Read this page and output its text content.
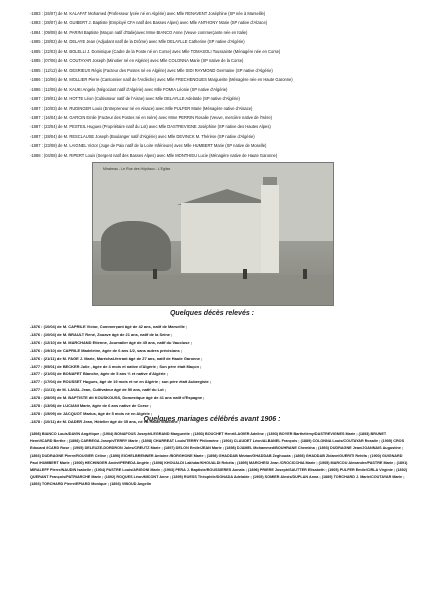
-1883 : (26/07) de M. KALAFAT Mohamed (Professeur lycée né en Algérie) avec Mlle RENAVENT Joséphine (SP née à Marseille)
-1883 : (28/07) de M. GUIBERT J. Baptiste (Employé CFA natif des Basses Alpes) avec Mlle ANTHONY Marie (SP native d'Alzace)
-1884 : (09/08) de M. PARINI Baptiste (Maçon natif d'Italie)avec Mme BIANCO Anne (Veuve commerçante née en Italie)
-1885 : (28/02) de M. DELAYE Jean (Adjudant natif de la Drôme) avec Mlle DELAYLLE Catherine (SP native d'Algérie)
-1885 : (22/03) de M. BOLELLI J. Dominique (Cadre de la Poste né en Corse) avec Mlle TOMASOLI Toussainte (Ménagère née en Corse)
-1885 : (07/06) de M. COUTAYAR Joseph (Minotier né en Algérie) avec Mlle COLONNA Marie (SP native de la Corse)
-1885 : (12/12) de M. DESRIEUX Régis (Facteur des Postes né en Algérie) avec Mlle SIDI RAYMOND Germaine (SP native d'Algérie)
-1886 : (10/06) de M. MOLLIER Pierre (Cantonnier natif de l'Ardèche) avec Mlle FRECHENGUES Marguerite (Ménagère née en Haute Garonne)
-1886 : (12/06) de M. KAUKI Angelo (Négociant natif d'Algérie) avec Mlle FOMIA Léonie (SP native d'Algérie)
-1887 : (29/01) de M. HOTTE Léon (Cultivateur natif de l'Aisne) avec Mlle DELAYLLE Adelaïde (SP native d'Algérie)
-1887 : (10/03) de M. RUDINGER Louis (Entrepreneur né en Alsace) avec Mlle PULFER Marie (Ménagère native d'Alsace)
-1887 : (16/04) de M. GARCIN Emile (Facteur des Postes né en Isère) avec Mme PERRIN Rosalie (Veuve, mercière native de l'Isère)
-1887 : (23/04) de M. PESTEIL Hugues (Propriétaire natif du Lot) avec Mlle DASTREVIGNE Joséphine (SP native des Hautes Alpes)
-1887 : (28/04) de M. RESCLAUSE Joseph (Boulanger natif d'Algérie) avec Mlle DEVINCK M. Thérèse (SP native d'Algérie)
-1887 : (23/08) de M. LAIGNEL Victor (Juge de Paix natif de la Loire Inférieure) avec Mlle HUMBERT Marie (SP native de Moselle)
-1888 : (04/08) de M. RIPERT Louis (Sergent natif des Basses Alpes) avec Mlle MONTHIEU Lucie (Ménagère native de Haute Garonne)
Mirabeau - Le Rue des Hôpitaux - L'Eglise
Quelques décès relevés :
-1876 : (10/04) de M. CAPRILE Victor, Commerçant âgé de 42 ans, natif de Marseille ;
-1876 : (10/04) de M. BRAULT René, Zouave âgé de 21 ans, natif de la Seine ;
-1876 : (12/10) de M. MARCHAND Etienne, Journalier âgé de 45 ans, natif du Vaucluse ;
-1876 : (19/10) de CAPRILE Madeleine, âgée de 6 ans 1/2, sans autres précisions ;
-1876 : (21/11) de M. FAGE J. Marie, Maréchal-ferrant âgé de 27 ans, natif de Haute Garonne ;
-1877 : (05/01) de BECKER Julie , âgée de 4 mois et native d'Algérie ; Son père était Maçon ;
-1877 : (21/03) de BONAFET Blanche, âgée de 5 ans ½ et native d'Algérie ;
-1877 : (17/04) de ROUSSET Hugues, âgé de 19 mois et né en Algérie ; son père était Aubergiste ;
-1877 : (11/11) de M. LAVAL Jean, Cultivateur âgé de 50 ans, natif du Lot ;
-1878 : (28/05) de M. BAPTISTE dit KOUSKOUSS, Domestique âgé de 41 ans natif d'Espagne ;
-1878 : (13/08) de LUCIANI Marie, âgée de 6 ans native de Corse ;
-1878 : (15/09) de JACQUOT Marius, âgé de 5 mois né en Algérie ;
-1878 : (10/11) de M. DADER Jean, Hôtelier âgé de 35 ans, né en Haute Garonne ;
Quelques mariages célébrés avant 1906 :
(1898) BIANCO Louis/DAVIN Angélique ; (1904) BONAFOUS Joseph/LEGRAND Marguerite ; (1893) BOUCHET Henri/LAGIER Adeline ; (1893) BOYER Barthélémy/DASTREVIGNES Marie ; (1893) BRUNET Henri/ICARD Berthe ; (1898) CARREGA Joseph/TERRY Marie ; (1898) CHARREAT Louis/TERRY Philomène ; (1904) CLAUDET Léon/ALBANEL François ; (1889) COLONNA Louis/COUTAYAR Rosalie ; (1905) CROS Edouard /ICARD Rose ; (1905) DELEUZE-DORDRON Jules/CREUTZ Marie ; (1897) DELON Emile/JEAN Marie ; (1898) DJAMEL Mohammed/BOUHRANE Chemkha ; (1893) DUDRAGNE Jean/JOANNAIS Augustine ; (1893) DUDRAGNE Pierre/ROUGIER Céline ; (1890) EICHELBRENNER Antoine /BORGHONE Marie ; (1898) GHADDAB Mézian/GHADDAB Zeghouda ; (1898) GHADDAB Zidane/GUERITI Rehifa ; (1900) GUIGNARD Paul /HUMBERT Marie ; (1900) HECHINGER André/PEREDA Angèle ; (1898) KHOUALDI Lakhdar/KHOUALDI Rebéia ; (1895) MARCHESI Jean /CROCICCHIA Marie ; (1905) MARCOU Alexandre/PASTRE Marie ; (1891) MIRALEFF Pierre/NAUDIN Isabelle ; (1904) PASTRE Louis/ARIGONI Marie ; (1903) PERA J. Baptiste/ROUSSIERES Annaïs ; (1896) PRIERE Joseph/SAUTTER Elisabeth ; (1905) PULFER Emile/CIRLA Virginie ; (1892) QUERANT François/PATRIARCHE Marie ; (1892) ROQUES Léon/MICONT Anne ; (1895) RUESS Théophile/DONADA Adelaïde ; (1905) SOMIER Alexis/DUPLAN Anna ; (1889) TORCHARD J. Marie/COUTAYAR Marie ; (1893) TORCHARD Pierre/EPIARD Monique ; (1893) VIBOUD Angelin
